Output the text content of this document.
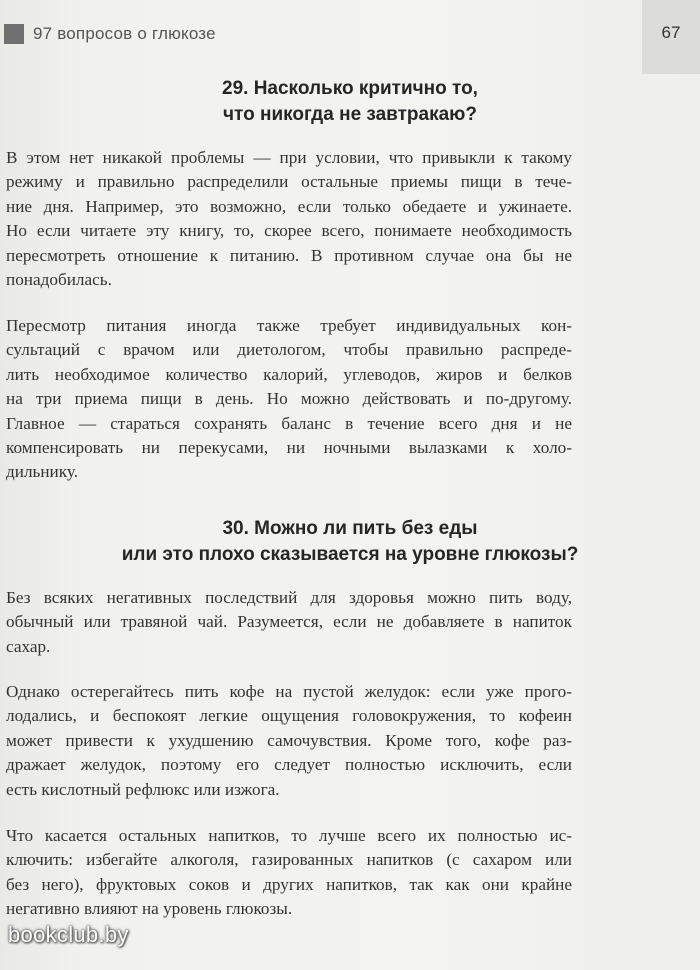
97 вопросов о глюкозе	67
29. Насколько критично то,
что никогда не завтракаю?
В этом нет никакой проблемы — при условии, что привыкли к такому
режиму и правильно распределили остальные приемы пищи в тече-
ние дня. Например, это возможно, если только обедаете и ужинаете.
Но если читаете эту книгу, то, скорее всего, понимаете необходимость
пересмотреть отношение к питанию. В противном случае она бы не
понадобилась.
Пересмотр питания иногда также требует индивидуальных кон-
сультаций с врачом или диетологом, чтобы правильно распреде-
лить необходимое количество калорий, углеводов, жиров и белков
на три приема пищи в день. Но можно действовать и по-другому.
Главное — стараться сохранять баланс в течение всего дня и не
компенсировать ни перекусами, ни ночными вылазками к холо-
дильнику.
30. Можно ли пить без еды
или это плохо сказывается на уровне глюкозы?
Без всяких негативных последствий для здоровья можно пить воду,
обычный или травяной чай. Разумеется, если не добавляете в напиток
сахар.
Однако остерегайтесь пить кофе на пустой желудок: если уже прого-
лодались, и беспокоят легкие ощущения головокружения, то кофеин
может привести к ухудшению самочувствия. Кроме того, кофе раз-
дражает желудок, поэтому его следует полностью исключить, если
есть кислотный рефлюкс или изжога.
Что касается остальных напитков, то лучше всего их полностью ис-
ключить: избегайте алкоголя, газированных напитков (с сахаром или
без него), фруктовых соков и других напитков, так как они крайне
негативно влияют на уровень глюкозы.
bookclub.by
